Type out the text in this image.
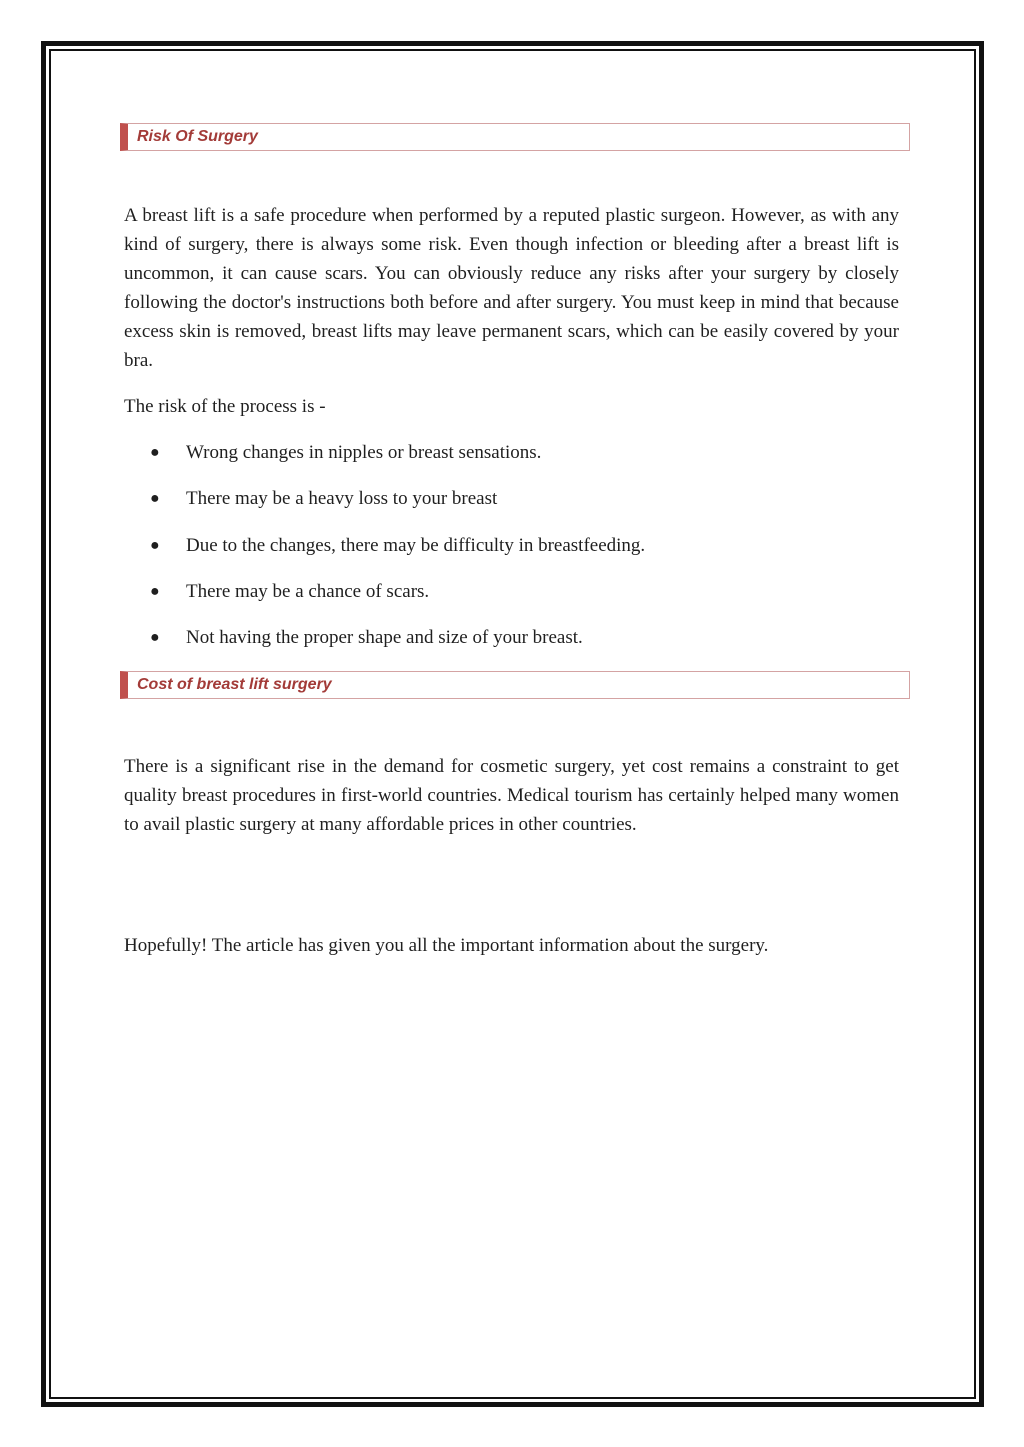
Risk Of Surgery

A breast lift is a safe procedure when performed by a reputed plastic surgeon. However, as with any kind of surgery, there is always some risk. Even though infection or bleeding after a breast lift is uncommon, it can cause scars. You can obviously reduce any risks after your surgery by closely following the doctor's instructions both before and after surgery. You must keep in mind that because excess skin is removed, breast lifts may leave permanent scars, which can be easily covered by your bra.

The risk of the process is -

●	Wrong changes in nipples or breast sensations.
●	There may be a heavy loss to your breast
●	Due to the changes, there may be difficulty in breastfeeding.
●	There may be a chance of scars.
●	Not having the proper shape and size of your breast.
Cost of breast lift surgery

There is a significant rise in the demand for cosmetic surgery, yet cost remains a constraint to get quality breast procedures in first-world countries. Medical tourism has certainly helped many women to avail plastic surgery at many affordable prices in other countries.

Hopefully! The article has given you all the important information about the surgery.
